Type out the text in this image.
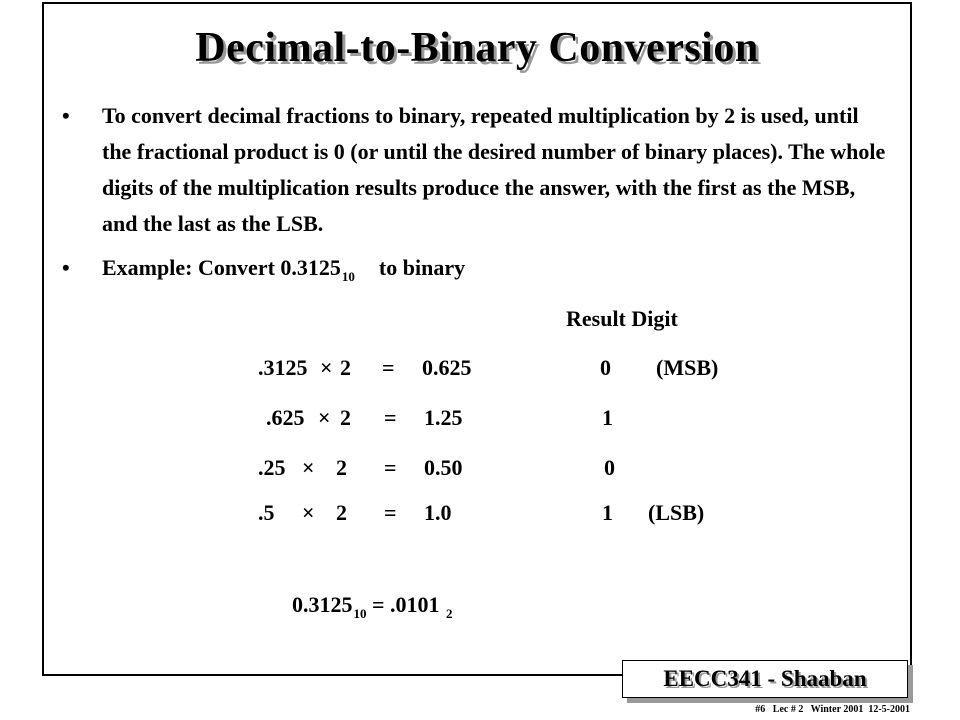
Decimal-to-Binary Conversion
• To convert decimal fractions to binary, repeated multiplication by 2 is used, until the fractional product is 0 (or until the desired number of binary places). The whole digits of the multiplication results produce the answer, with the first as the MSB, and the last as the LSB.
• Example: Convert $0.3125_{10}$ to binary
Result Digit
.3125 × 2 = 0.625	0 (MSB)
.625 × 2 = 1.25	1
.25 × 2 = 0.50	0
.5 × 2 = 1.0	1 (LSB)
$0.3125_{10} = .0101$ $_2$
EECC341 - Shaaban
#6   Lec # 2   Winter 2001  12-5-2001
